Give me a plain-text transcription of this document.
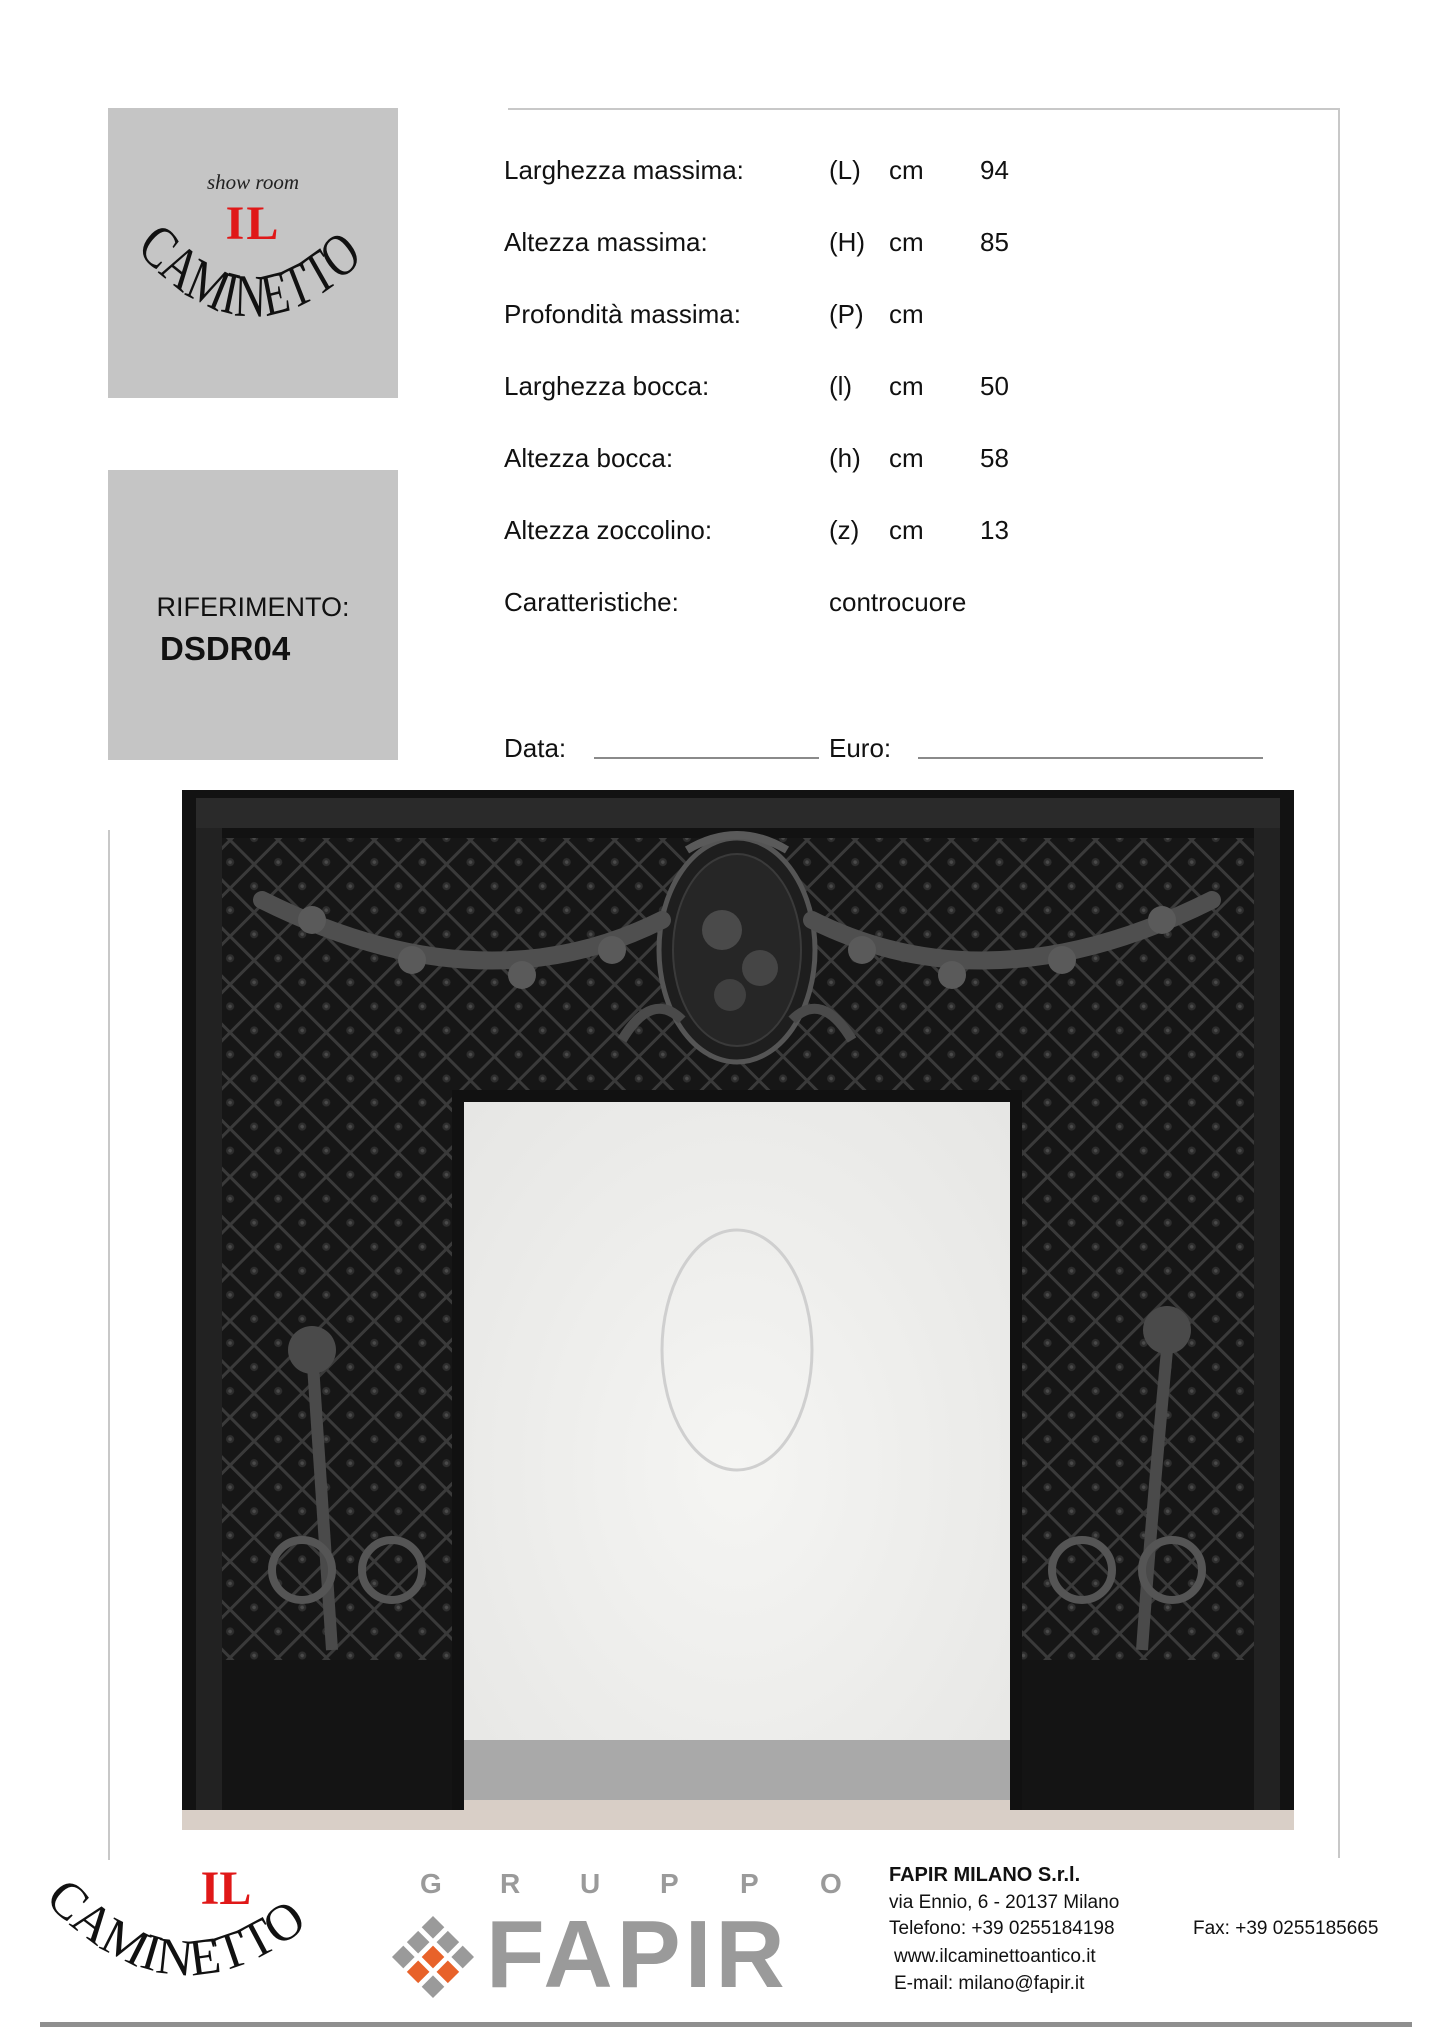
show room
IL
CAMINETTO
RIFERIMENTO:
DSDR04
Larghezza massima:	(L) cm 94
Altezza massima:	(H) cm 85
Profondità massima:	(P) cm
Larghezza bocca:	(l) cm 50
Altezza bocca:	(h) cm 58
Altezza zoccolino:	(z) cm 13
Caratteristiche:	controcuore
Data:	Euro:
IL
CAMINETTO
G R U P P O
FAPIR
FAPIR MILANO S.r.l.
via Ennio, 6 - 20137 Milano
Telefono: +39 0255184198	Fax: +39 0255185665
www.ilcaminettoantico.it
E-mail: milano@fapir.it
